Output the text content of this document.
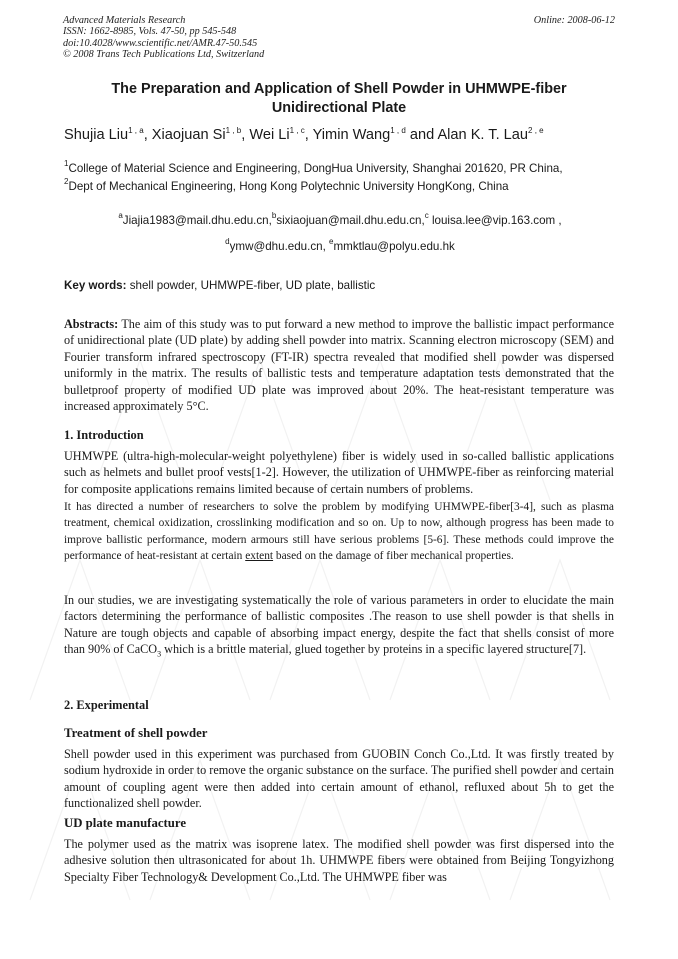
Advanced Materials Research
ISSN: 1662-8985, Vols. 47-50, pp 545-548
doi:10.4028/www.scientific.net/AMR.47-50.545
© 2008 Trans Tech Publications Ltd, Switzerland
Online: 2008-06-12
The Preparation and Application of Shell Powder in UHMWPE-fiber
Unidirectional Plate
Shujia Liu$^{1 , a}$, Xiaojuan Si$^{1 , b}$, Wei Li$^{1 , c}$, Yimin Wang$^{1 , d}$ and Alan K. T. Lau$^{2 , e}$
$^1$College of Material Science and Engineering, DongHua University, Shanghai 201620, PR China,
$^2$Dept of Mechanical Engineering, Hong Kong Polytechnic University HongKong, China
$^a$Jiajia1983@mail.dhu.edu.cn,$^b$sixiaojuan@mail.dhu.edu.cn,$^c$ louisa.lee@vip.163.com ,
$^d$ymw@dhu.edu.cn, $^e$mmktlau@polyu.edu.hk
Key words: shell powder, UHMWPE-fiber, UD plate, ballistic
Abstracts: The aim of this study was to put forward a new method to improve the ballistic impact performance of unidirectional plate (UD plate) by adding shell powder into matrix. Scanning electron microscopy (SEM) and Fourier transform infrared spectroscopy (FT-IR) spectra revealed that modified shell powder was dispersed uniformly in the matrix. The results of ballistic tests and temperature adaptation tests demonstrated that the bulletproof property of modified UD plate was improved about 20%. The heat-resistant temperature was increased approximately 5°C.
1. Introduction
UHMWPE (ultra-high-molecular-weight polyethylene) fiber is widely used in so-called ballistic applications such as helmets and bullet proof vests[1-2]. However, the utilization of UHMWPE-fiber as reinforcing material for composite applications remains limited because of certain numbers of problems.
It has directed a number of researchers to solve the problem by modifying UHMWPE-fiber[3-4], such as plasma treatment, chemical oxidization, crosslinking modification and so on. Up to now, although progress has been made to improve ballistic performance, modern armours still have serious problems [5-6]. These methods could improve the performance of heat-resistant at certain extent based on the damage of fiber mechanical properties.
In our studies, we are investigating systematically the role of various parameters in order to elucidate the main factors determining the performance of ballistic composites .The reason to use shell powder is that shells in Nature are tough objects and capable of absorbing impact energy, despite the fact that shells consist of more than 90% of CaCO$_3$ which is a brittle material, glued together by proteins in a specific layered structure[7].
2. Experimental
Treatment of shell powder
Shell powder used in this experiment was purchased from GUOBIN Conch Co.,Ltd. It was firstly treated by sodium hydroxide in order to remove the organic substance on the surface. The purified shell powder and certain amount of coupling agent were then added into certain amount of ethanol, refluxed about 5h to get the functionalized shell powder.
UD plate manufacture
The polymer used as the matrix was isoprene latex. The modified shell powder was first dispersed into the adhesive solution then ultrasonicated for about 1h. UHMWPE fibers were obtained from Beijing Tongyizhong Specialty Fiber Technology& Development Co.,Ltd. The UHMWPE fiber was
